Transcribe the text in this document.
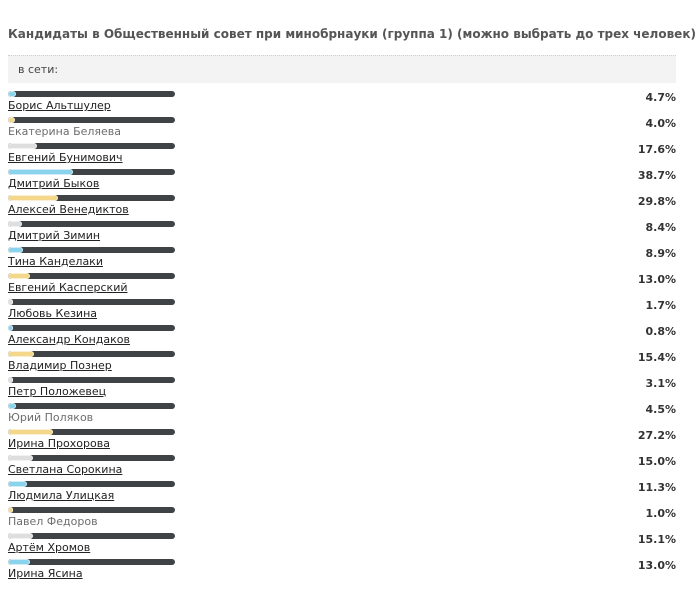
Кандидаты в Общественный совет при минобрнауки (группа 1) (можно выбрать до трех человек)
в сети:
Борис Альтшулер
4.7%
Екатерина Беляева
4.0%
Евгений Бунимович
17.6%
Дмитрий Быков
38.7%
Алексей Венедиктов
29.8%
Дмитрий Зимин
8.4%
Тина Канделаки
8.9%
Евгений Касперский
13.0%
Любовь Кезина
1.7%
Александр Кондаков
0.8%
Владимир Познер
15.4%
Петр Положевец
3.1%
Юрий Поляков
4.5%
Ирина Прохорова
27.2%
Светлана Сорокина
15.0%
Людмила Улицкая
11.3%
Павел Федоров
1.0%
Артём Хромов
15.1%
Ирина Ясина
13.0%
